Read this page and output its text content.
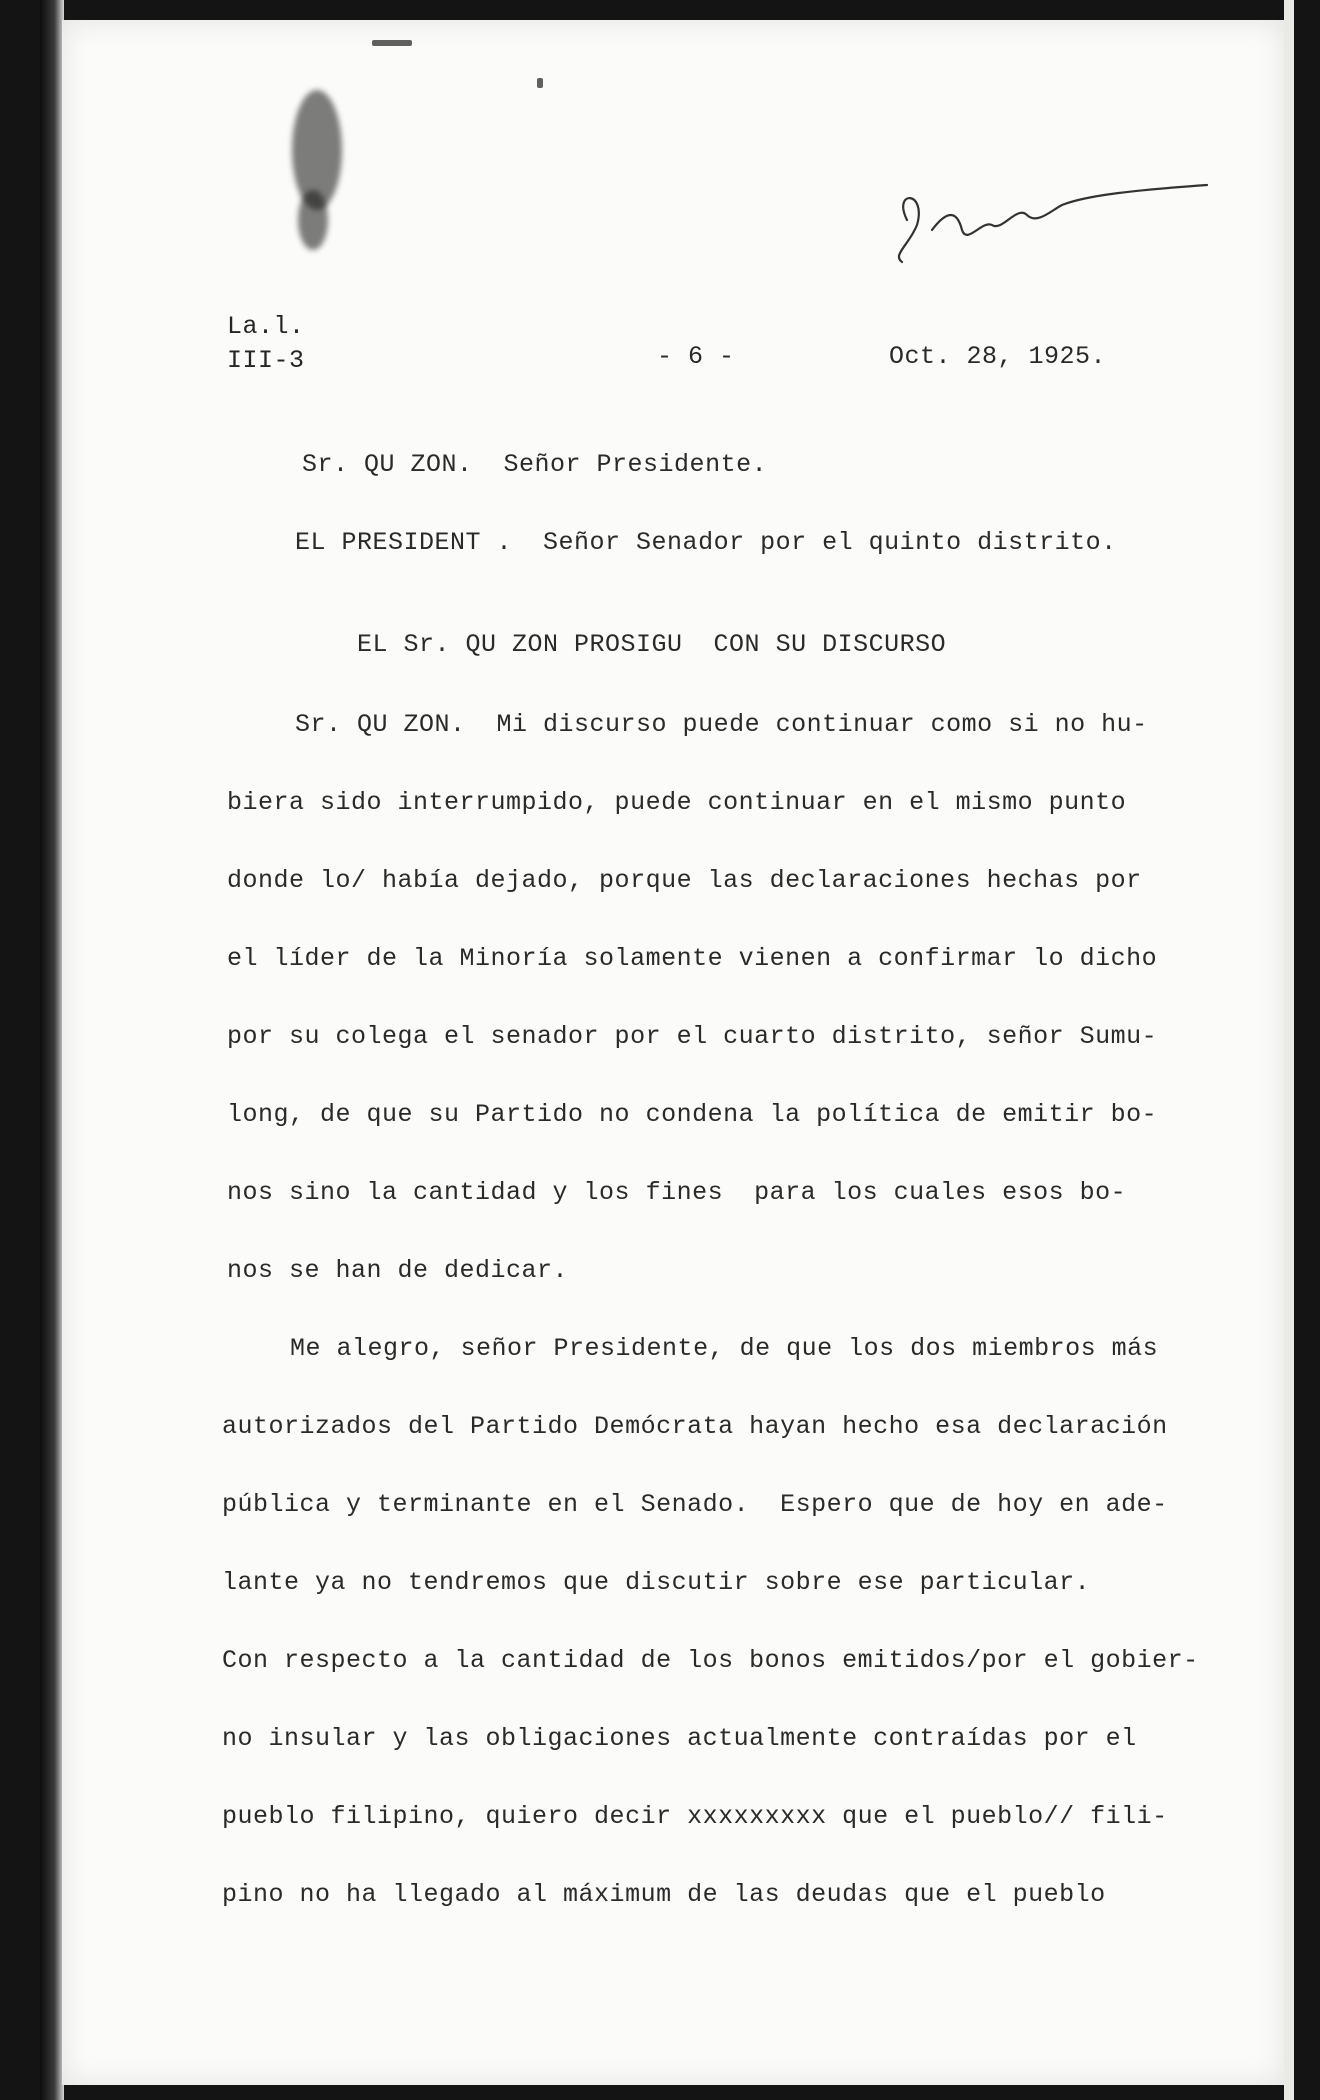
La.l.
III-3	- 6 -	Oct. 28, 1925.
Sr. QU ZON.  Señor Presidente.
EL PRESIDENT .  Señor Senador por el quinto distrito.
EL Sr. QU ZON PROSIGU  CON SU DISCURSO
Sr. QU ZON.  Mi discurso puede continuar como si no hu-
biera sido interrumpido, puede continuar en el mismo punto
donde lo/ había dejado, porque las declaraciones hechas por
el líder de la Minoría solamente vienen a confirmar lo dicho
por su colega el senador por el cuarto distrito, señor Sumu-
long, de que su Partido no condena la política de emitir bo-
nos sino la cantidad y los fines  para los cuales esos bo-
nos se han de dedicar.
Me alegro, señor Presidente, de que los dos miembros más
autorizados del Partido Demócrata hayan hecho esa declaración
pública y terminante en el Senado.  Espero que de hoy en ade-
lante ya no tendremos que discutir sobre ese particular.
Con respecto a la cantidad de los bonos emitidos/por el gobier-
no insular y las obligaciones actualmente contraídas por el
pueblo filipino, quiero decir xxxxxxxxx que el pueblo// fili-
pino no ha llegado al máximum de las deudas que el pueblo
